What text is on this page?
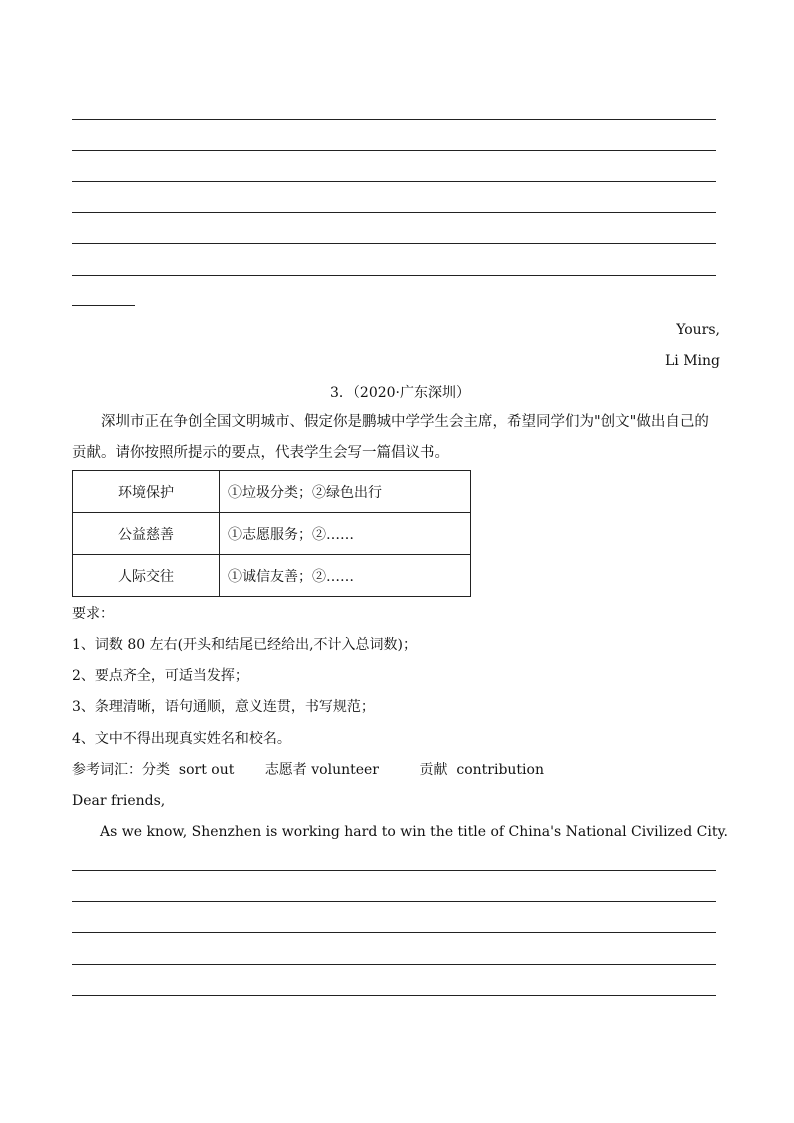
Yours,
Li Ming
3．（2020·广东深圳）
深圳市正在争创全国文明城市、假定你是鹏城中学学生会主席，希望同学们为"创文"做出自己的贡献。请你按照所提示的要点，代表学生会写一篇倡议书。
环境保护	①垃圾分类；②绿色出行
公益慈善	①志愿服务；②……
人际交往	①诚信友善；②……
要求：
1、词数 80 左右(开头和结尾已经给出,不计入总词数)；
2、要点齐全，可适当发挥；
3、条理清晰，语句通顺，意义连贯，书写规范；
4、文中不得出现真实姓名和校名。
参考词汇：分类 sort out 志愿者 volunteer	贡献 contribution
Dear friends,
As we know, Shenzhen is working hard to win the title of China's National Civilized City.
